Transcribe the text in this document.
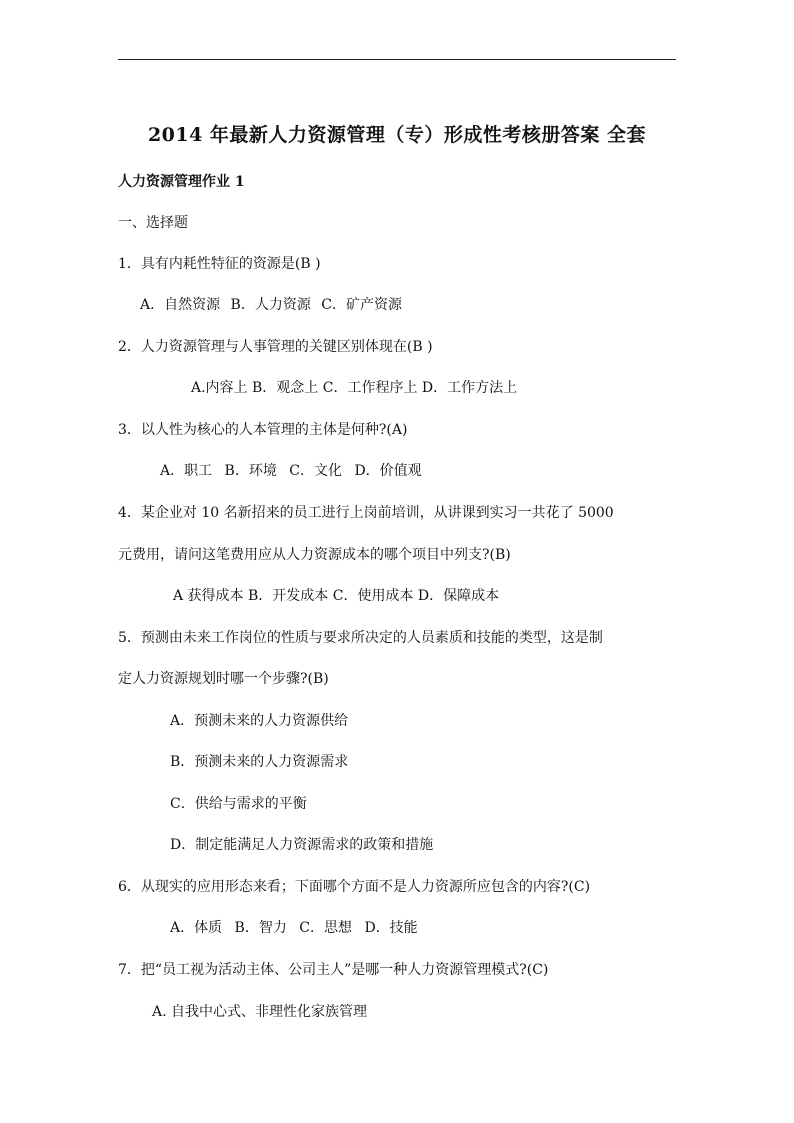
2014 年最新人力资源管理（专）形成性考核册答案 全套
人力资源管理作业 1
一、选择题
1．具有内耗性特征的资源是(B )
A．自然资源 B．人力资源 C．矿产资源
2．人力资源管理与人事管理的关键区别体现在(B )
A.内容上 B．观念上 C．工作程序上 D．工作方法上
3．以人性为核心的人本管理的主体是何种?(A)
A．职工 B．环境 C．文化 D．价值观
4．某企业对 10 名新招来的员工进行上岗前培训，从讲课到实习一共花了 5000
元费用，请问这笔费用应从人力资源成本的哪个项目中列支?(B)
A 获得成本 B．开发成本 C．使用成本 D．保障成本
5．预测由未来工作岗位的性质与要求所决定的人员素质和技能的类型，这是制
定人力资源规划时哪一个步骤?(B)
A．预测未来的人力资源供给
B．预测未来的人力资源需求
C．供给与需求的平衡
D．制定能满足人力资源需求的政策和措施
6．从现实的应用形态来看；下面哪个方面不是人力资源所应包含的内容?(C)
A．体质 B．智力 C．思想 D．技能
7．把“员工视为活动主体、公司主人”是哪一种人力资源管理模式?(C)
A. 自我中心式、非理性化家族管理
